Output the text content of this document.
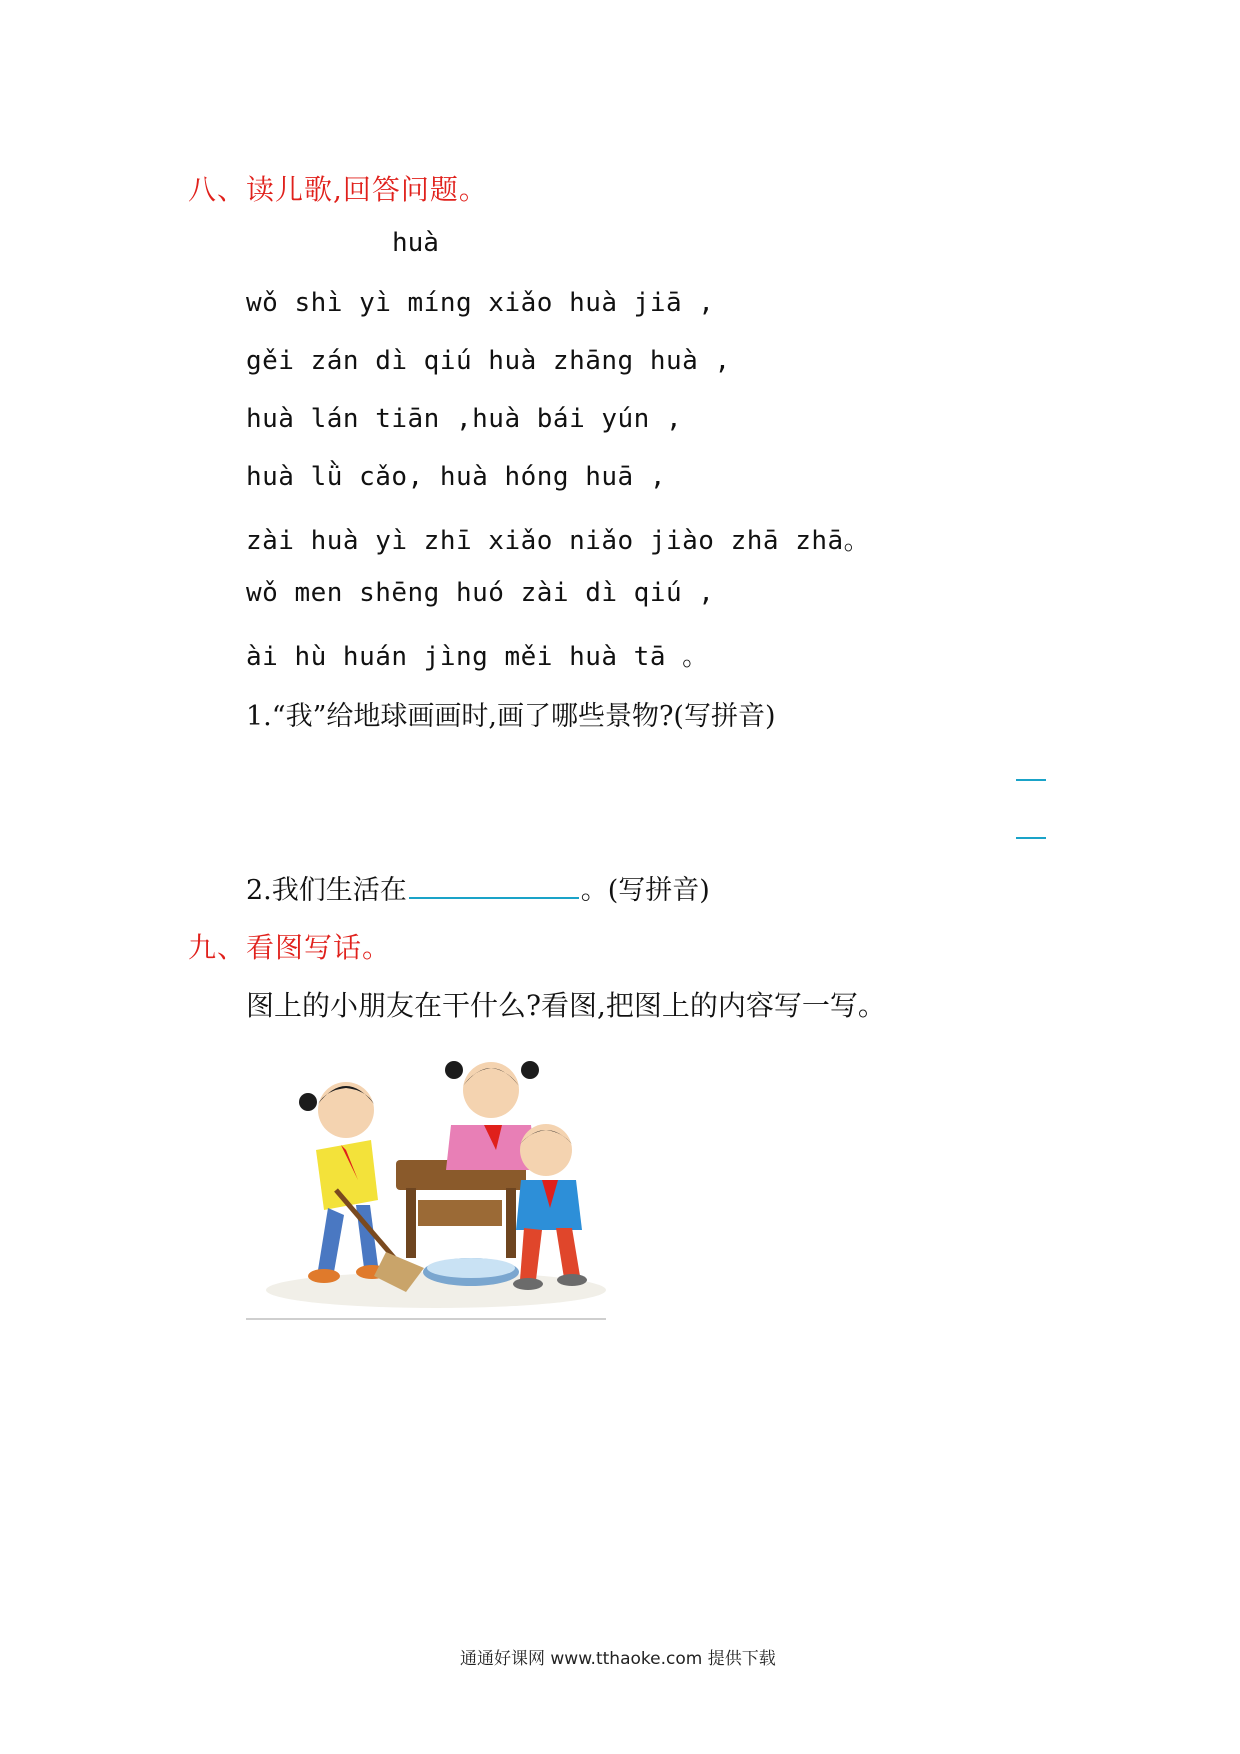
八、读儿歌,回答问题。
huà
wǒ shì yì míng xiǎo huà jiā ,
gěi zán dì qiú huà zhāng huà ,
huà lán tiān ,huà bái yún ,
huà lǜ cǎo, huà hóng huā ,
zài huà yì zhī xiǎo niǎo jiào zhā zhā。
wǒ men shēng huó zài dì qiú ,
ài hù huán jìng měi huà tā 。
1.“我”给地球画画时,画了哪些景物?(写拼音)
2.我们生活在	。(写拼音)
九、看图写话。
图上的小朋友在干什么?看图,把图上的内容写一写。
通通好课网 www.tthaoke.com 提供下载
